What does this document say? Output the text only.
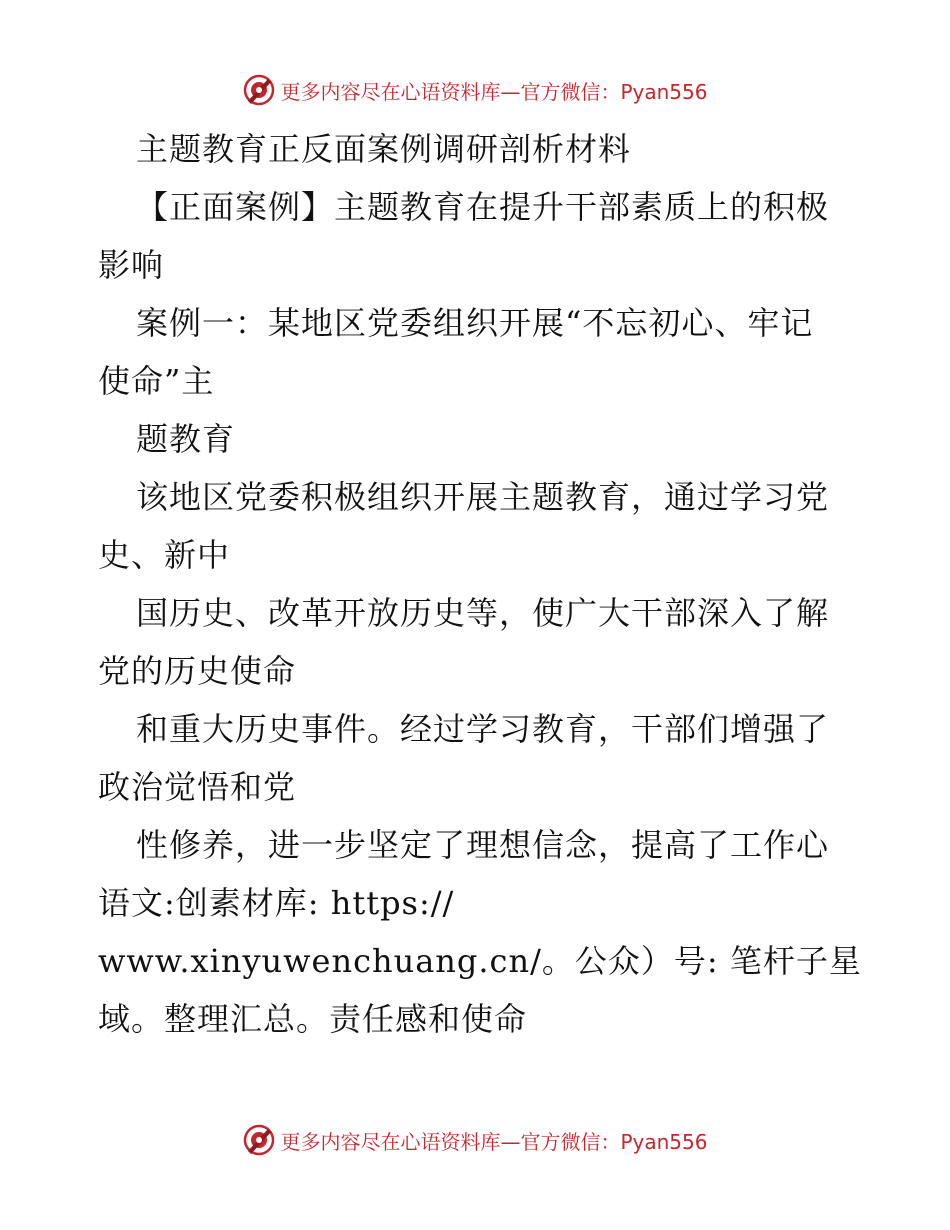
更多内容尽在心语资料库—官方微信：Pyan556
主题教育正反面案例调研剖析材料
【正面案例】主题教育在提升干部素质上的积极
影响
案例一：某地区党委组织开展“不忘初心、牢记
使命”主
题教育
该地区党委积极组织开展主题教育，通过学习党
史、新中
国历史、改革开放历史等，使广大干部深入了解
党的历史使命
和重大历史事件。经过学习教育，干部们增强了
政治觉悟和党
性修养，进一步坚定了理想信念，提高了工作心
语文:创素材库: https://
www.xinyuwenchuang.cn/。公众）号: 笔杆子星
域。整理汇总。责任感和使命
更多内容尽在心语资料库—官方微信：Pyan556
